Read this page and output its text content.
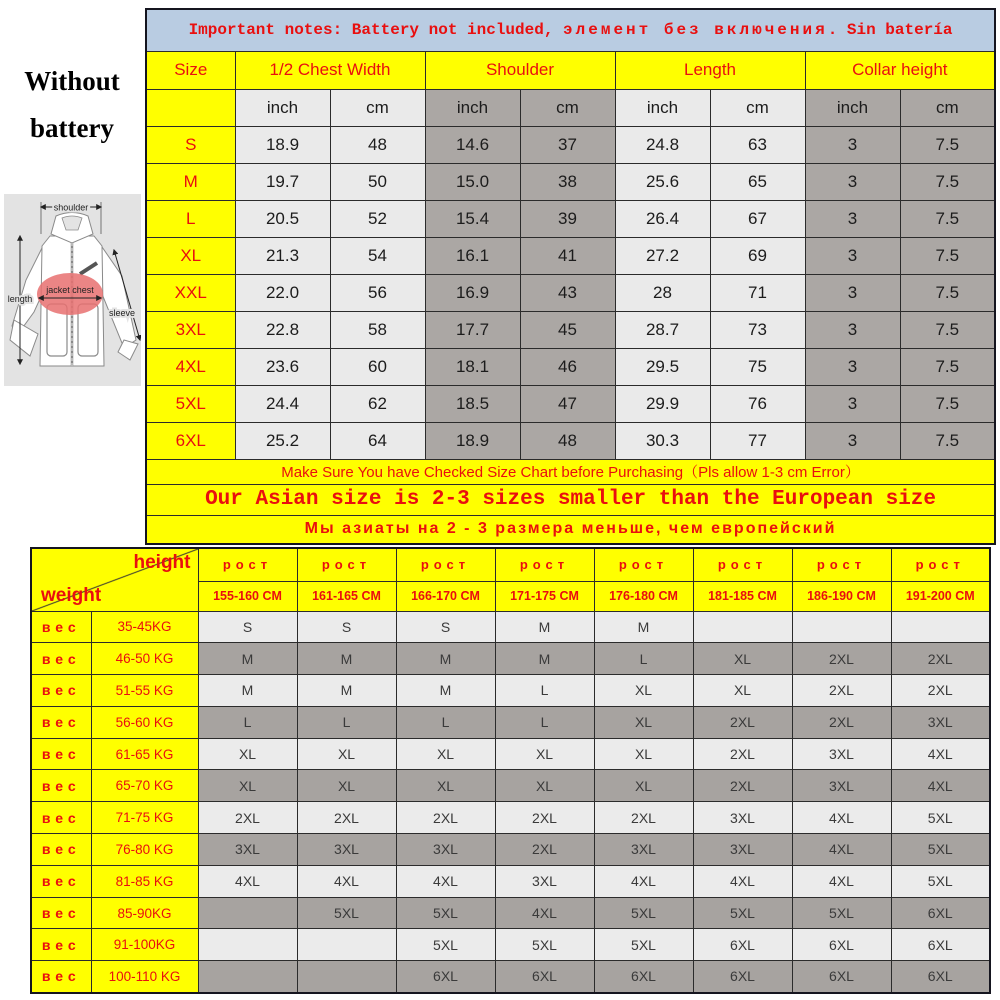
Without battery
jacket chest
shoulder
length
sleeve
Important notes: Battery not included, элемент без включения. Sin batería								
Size	1/2 Chest Width		Shoulder		Length		Collar height	
	inch	cm	inch	cm	inch	cm	inch	cm
S	18.9	48	14.6	37	24.8	63	3	7.5
M	19.7	50	15.0	38	25.6	65	3	7.5
L	20.5	52	15.4	39	26.4	67	3	7.5
XL	21.3	54	16.1	41	27.2	69	3	7.5
XXL	22.0	56	16.9	43	28	71	3	7.5
3XL	22.8	58	17.7	45	28.7	73	3	7.5
4XL	23.6	60	18.1	46	29.5	75	3	7.5
5XL	24.4	62	18.5	47	29.9	76	3	7.5
6XL	25.2	64	18.9	48	30.3	77	3	7.5
Make Sure You have Checked Size Chart before Purchasing（Pls allow 1-3 cm Error）								
Our Asian size is 2-3 sizes smaller than the European size								
Мы азиаты на 2 - 3 размера меньше, чем европейский								
height
weight		рост	рост	рост	рост	рост	рост	рост	рост
		155-160 CM	161-165 CM	166-170 CM	171-175 CM	176-180 CM	181-185 CM	186-190 CM	191-200 CM
вес	35-45KG	S	S	S	M	M			
вес	46-50 KG	M	M	M	M	L	XL	2XL	2XL
вес	51-55 KG	M	M	M	L	XL	XL	2XL	2XL
вес	56-60 KG	L	L	L	L	XL	2XL	2XL	3XL
вес	61-65 KG	XL	XL	XL	XL	XL	2XL	3XL	4XL
вес	65-70 KG	XL	XL	XL	XL	XL	2XL	3XL	4XL
вес	71-75 KG	2XL	2XL	2XL	2XL	2XL	3XL	4XL	5XL
вес	76-80 KG	3XL	3XL	3XL	2XL	3XL	3XL	4XL	5XL
вес	81-85 KG	4XL	4XL	4XL	3XL	4XL	4XL	4XL	5XL
вес	85-90KG		5XL	5XL	4XL	5XL	5XL	5XL	6XL
вес	91-100KG			5XL	5XL	5XL	6XL	6XL	6XL
вес	100-110 KG			6XL	6XL	6XL	6XL	6XL	6XL
